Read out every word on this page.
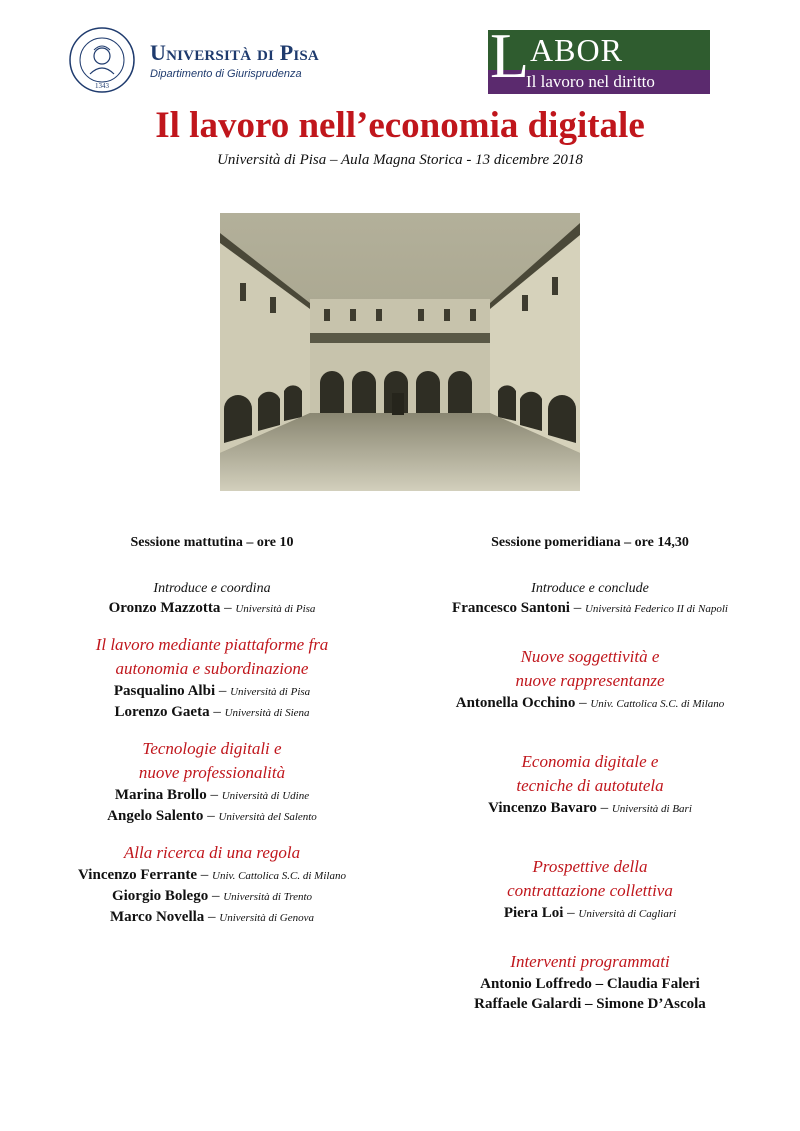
1343
Università di Pisa
Dipartimento di Giurisprudenza	L ABOR
Il lavoro nel diritto
Il lavoro nell’economia digitale
Università di Pisa – Aula Magna Storica - 13 dicembre 2018
Sessione mattutina – ore 10
Introduce e coordina
Oronzo Mazzotta – Università di Pisa
Il lavoro mediante piattaforme fra
autonomia e subordinazione
Pasqualino Albi – Università di Pisa
Lorenzo Gaeta – Università di Siena
Tecnologie digitali e
nuove professionalità
Marina Brollo – Università di Udine
Angelo Salento – Università del Salento
Alla ricerca di una regola
Vincenzo Ferrante – Univ. Cattolica S.C. di Milano
Giorgio Bolego – Università di Trento
Marco Novella – Università di Genova
Sessione pomeridiana – ore 14,30
Introduce e conclude
Francesco Santoni – Università Federico II di Napoli
Nuove soggettività e
nuove rappresentanze
Antonella Occhino – Univ. Cattolica S.C. di Milano
Economia digitale e
tecniche di autotutela
Vincenzo Bavaro – Università di Bari
Prospettive della
contrattazione collettiva
Piera Loi – Università di Cagliari
Interventi programmati
Antonio Loffredo – Claudia Faleri
Raffaele Galardi – Simone D’Ascola
